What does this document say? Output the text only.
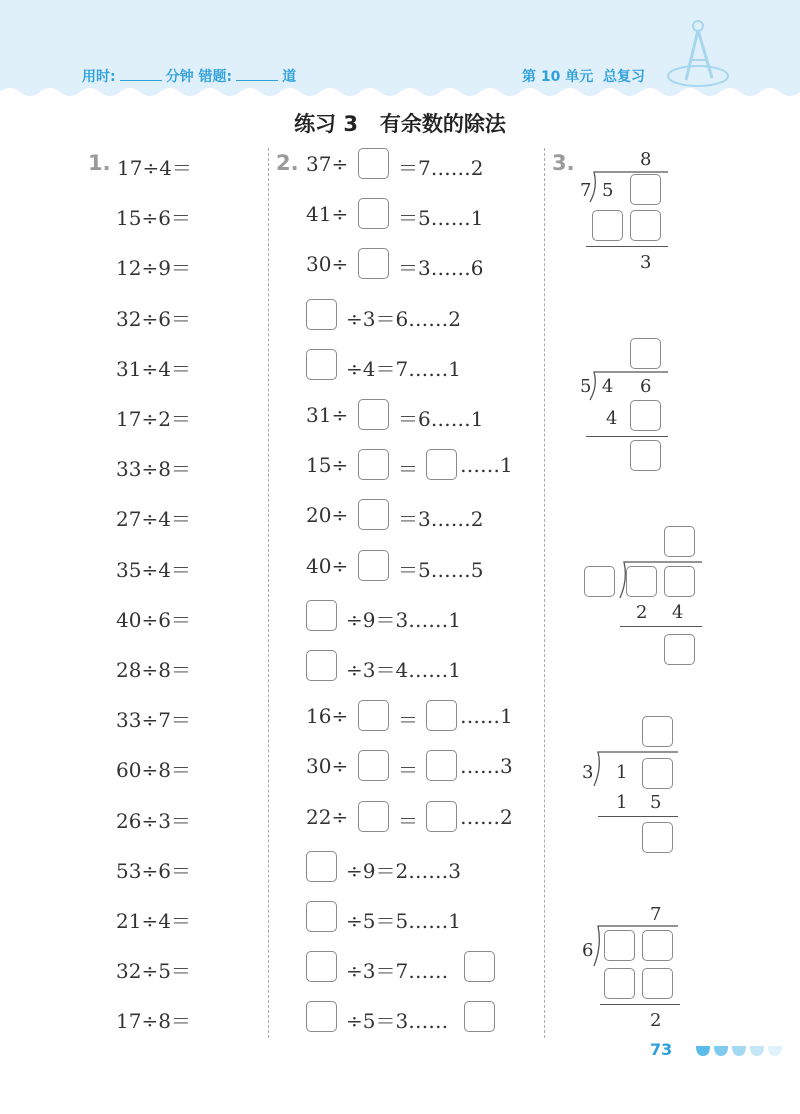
用时:	分钟 错题:	道	第 10 单元 总复习
练习 3   有余数的除法
1. 17÷4＝
15÷6＝
12÷9＝
32÷6＝
31÷4＝
17÷2＝
33÷8＝
27÷4＝
35÷4＝
40÷6＝
28÷8＝
33÷7＝
60÷8＝
26÷3＝
53÷6＝
21÷4＝
32÷5＝
17÷8＝
2. 37÷ ＝7……2
41÷ ＝5……1
30÷ ＝3……6
÷3＝6……2
÷4＝7……1
31÷ ＝6……1
15÷ ＝ ……1
20÷ ＝3……2
40÷ ＝5……5
÷9＝3……1
÷3＝4……1
16÷ ＝ ……1
30÷ ＝ ……3
22÷ ＝ ……2
÷9＝2……3
÷5＝5……1
÷3＝7……
÷5＝3……
3.	8
7 5
3
5 4 6
4
2 4
3 1
1 5
7
6
2
73
